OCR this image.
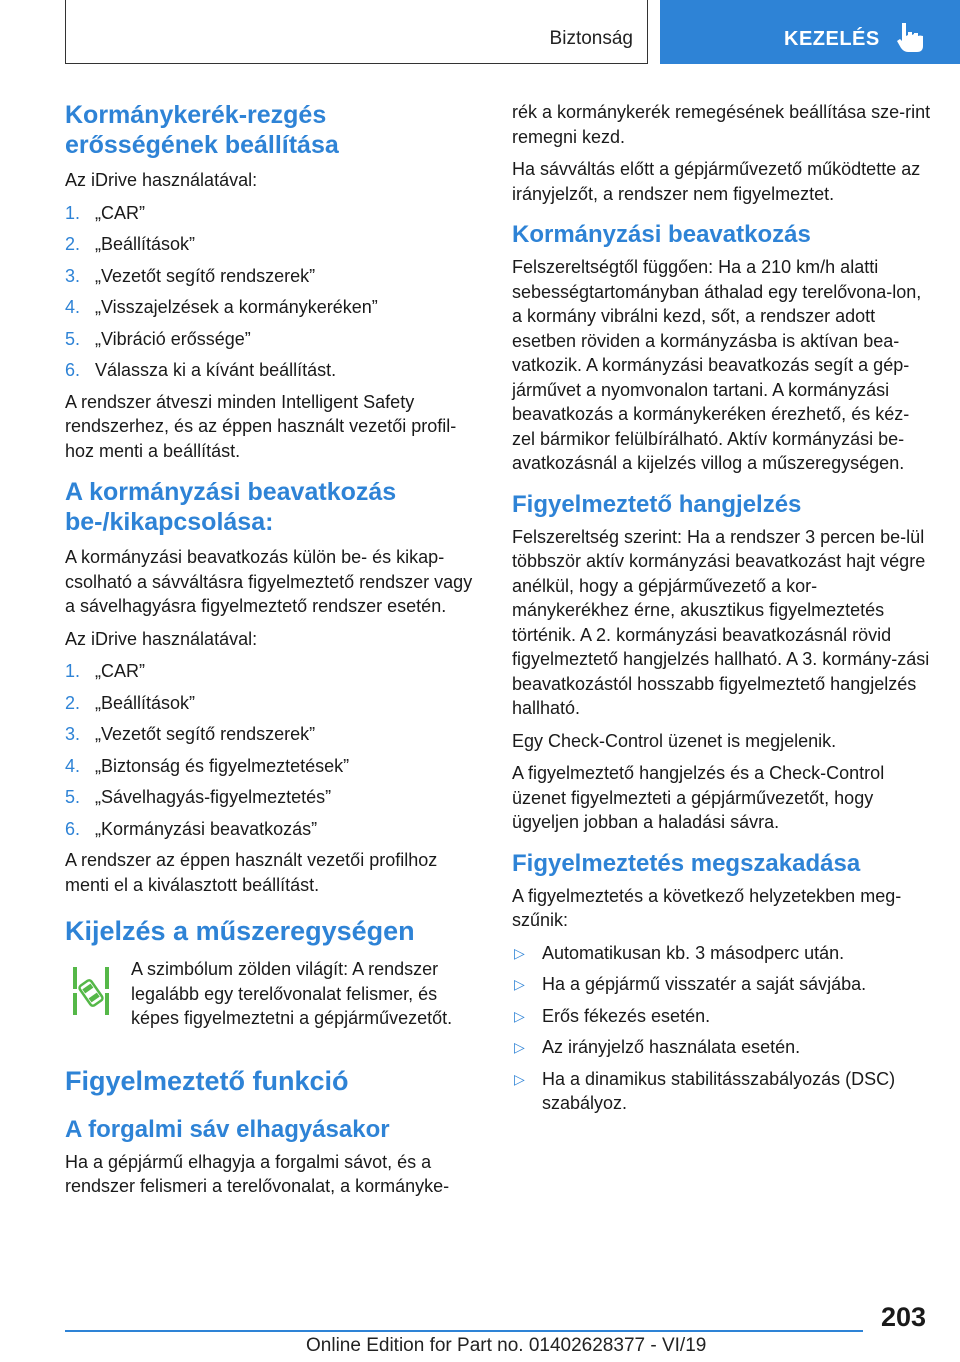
Biztonság	KEZELÉS
Kormánykerék-rezgés erősségének beállítása

Az iDrive használatával:

1. „CAR”
2. „Beállítások”
3. „Vezetőt segítő rendszerek”
4. „Visszajelzések a kormánykeréken”
5. „Vibráció erőssége”
6. Válassza ki a kívánt beállítást.

A rendszer átveszi minden Intelligent Safety rendszerhez, és az éppen használt vezetői profil-hoz menti a beállítást.

A kormányzási beavatkozás be-/kikapcsolása:

A kormányzási beavatkozás külön be- és kikap-csolható a sávváltásra figyelmeztető rendszer vagy a sávelhagyásra figyelmeztető rendszer esetén.

Az iDrive használatával:

1. „CAR”
2. „Beállítások”
3. „Vezetőt segítő rendszerek”
4. „Biztonság és figyelmeztetések”
5. „Sávelhagyás-figyelmeztetés”
6. „Kormányzási beavatkozás”

A rendszer az éppen használt vezetői profilhoz menti el a kiválasztott beállítást.

Kijelzés a műszeregységen

A szimbólum zölden világít: A rendszer legalább egy terelővonalat felismer, és képes figyelmeztetni a gépjárművezetőt.

Figyelmeztető funkció
A forgalmi sáv elhagyásakor

Ha a gépjármű elhagyja a forgalmi sávot, és a rendszer felismeri a terelővonalat, a kormányke-

rék a kormánykerék remegésének beállítása sze-rint remegni kezd.

Ha sávváltás előtt a gépjárművezető működtette az irányjelzőt, a rendszer nem figyelmeztet.

Kormányzási beavatkozás

Felszereltségtől függően: Ha a 210 km/h alatti sebességtartományban áthalad egy terelővona-lon, a kormány vibrálni kezd, sőt, a rendszer adott esetben röviden a kormányzásba is aktívan bea-vatkozik. A kormányzási beavatkozás segít a gép-járművet a nyomvonalon tartani. A kormányzási beavatkozás a kormánykeréken érezhető, és kéz-zel bármikor felülbírálható. Aktív kormányzási be-avatkozásnál a kijelzés villog a műszeregységen.

Figyelmeztető hangjelzés

Felszereltség szerint: Ha a rendszer 3 percen be-lül többször aktív kormányzási beavatkozást hajt végre anélkül, hogy a gépjárművezető a kor-mánykerékhez érne, akusztikus figyelmeztetés történik. A 2. kormányzási beavatkozásnál rövid figyelmeztető hangjelzés hallható. A 3. kormány-zási beavatkozástól hosszabb figyelmeztető hangjelzés hallható.

Egy Check-Control üzenet is megjelenik.

A figyelmeztető hangjelzés és a Check-Control üzenet figyelmezteti a gépjárművezetőt, hogy ügyeljen jobban a haladási sávra.

Figyelmeztetés megszakadása

A figyelmeztetés a következő helyzetekben meg-szűnik:

▷ Automatikusan kb. 3 másodperc után.
▷ Ha a gépjármű visszatér a saját sávjába.
▷ Erős fékezés esetén.
▷ Az irányjelző használata esetén.
▷ Ha a dinamikus stabilitásszabályozás (DSC) szabályoz.
203
Online Edition for Part no. 01402628377 - VI/19
